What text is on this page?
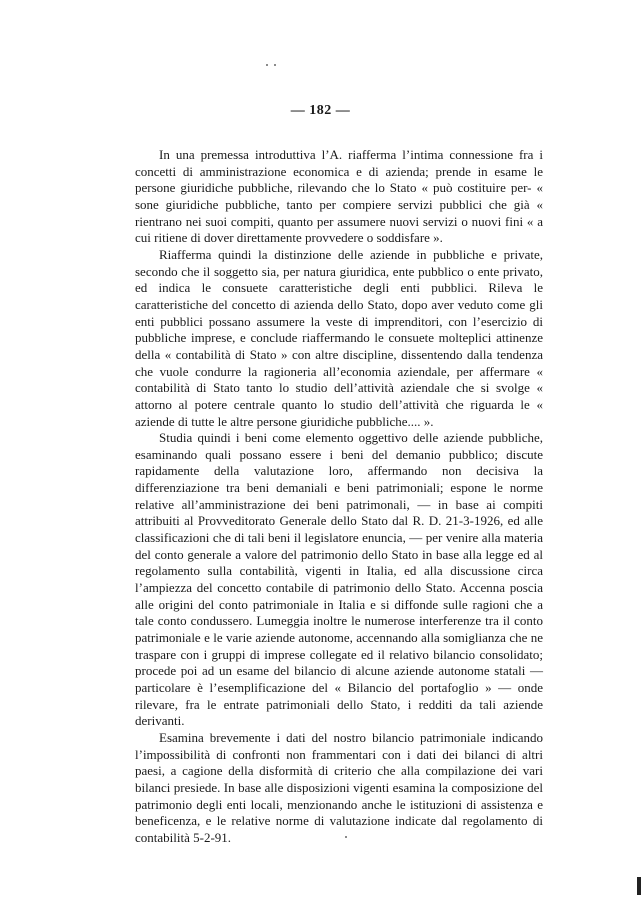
— 182 —

In una premessa introduttiva l’A. riafferma l’intima connessione fra i concetti di amministrazione economica e di azienda; prende in esame le persone giuridiche pubbliche, rilevando che lo Stato « può costituire per- « sone giuridiche pubbliche, tanto per compiere servizi pubblici che già « rientrano nei suoi compiti, quanto per assumere nuovi servizi o nuovi fini « a cui ritiene di dover direttamente provvedere o soddisfare ».

Riafferma quindi la distinzione delle aziende in pubbliche e private, secondo che il soggetto sia, per natura giuridica, ente pubblico o ente privato, ed indica le consuete caratteristiche degli enti pubblici. Rileva le caratteristiche del concetto di azienda dello Stato, dopo aver veduto come gli enti pubblici possano assumere la veste di imprenditori, con l’esercizio di pubbliche imprese, e conclude riaffermando le consuete molteplici attinenze della « contabilità di Stato » con altre discipline, dissentendo dalla tendenza che vuole condurre la ragioneria all’economia aziendale, per affermare « contabilità di Stato tanto lo studio dell’attività aziendale che si svolge « attorno al potere centrale quanto lo studio dell’attività che riguarda le « aziende di tutte le altre persone giuridiche pubbliche.... ».

Studia quindi i beni come elemento oggettivo delle aziende pubbliche, esaminando quali possano essere i beni del demanio pubblico; discute rapidamente della valutazione loro, affermando non decisiva la differenziazione tra beni demaniali e beni patrimoniali; espone le norme relative all’amministrazione dei beni patrimonali, — in base ai compiti attribuiti al Provveditorato Generale dello Stato dal R. D. 21-3-1926, ed alle classificazioni che di tali beni il legislatore enuncia, — per venire alla materia del conto generale a valore del patrimonio dello Stato in base alla legge ed al regolamento sulla contabilità, vigenti in Italia, ed alla discussione circa l’ampiezza del concetto contabile di patrimonio dello Stato. Accenna poscia alle origini del conto patrimoniale in Italia e si diffonde sulle ragioni che a tale conto condussero. Lumeggia inoltre le numerose interferenze tra il conto patrimoniale e le varie aziende autonome, accennando alla somiglianza che ne traspare con i gruppi di imprese collegate ed il relativo bilancio consolidato; procede poi ad un esame del bilancio di alcune aziende autonome statali — particolare è l’esemplificazione del « Bilancio del portafoglio » — onde rilevare, fra le entrate patrimoniali dello Stato, i redditi da tali aziende derivanti.

Esamina brevemente i dati del nostro bilancio patrimoniale indicando l’impossibilità di confronti non frammentari con i dati dei bilanci di altri paesi, a cagione della disformità di criterio che alla compilazione dei vari bilanci presiede. In base alle disposizioni vigenti esamina la composizione del patrimonio degli enti locali, menzionando anche le istituzioni di assistenza e beneficenza, e le relative norme di valutazione indicate dal regolamento di contabilità 5-2-91.
